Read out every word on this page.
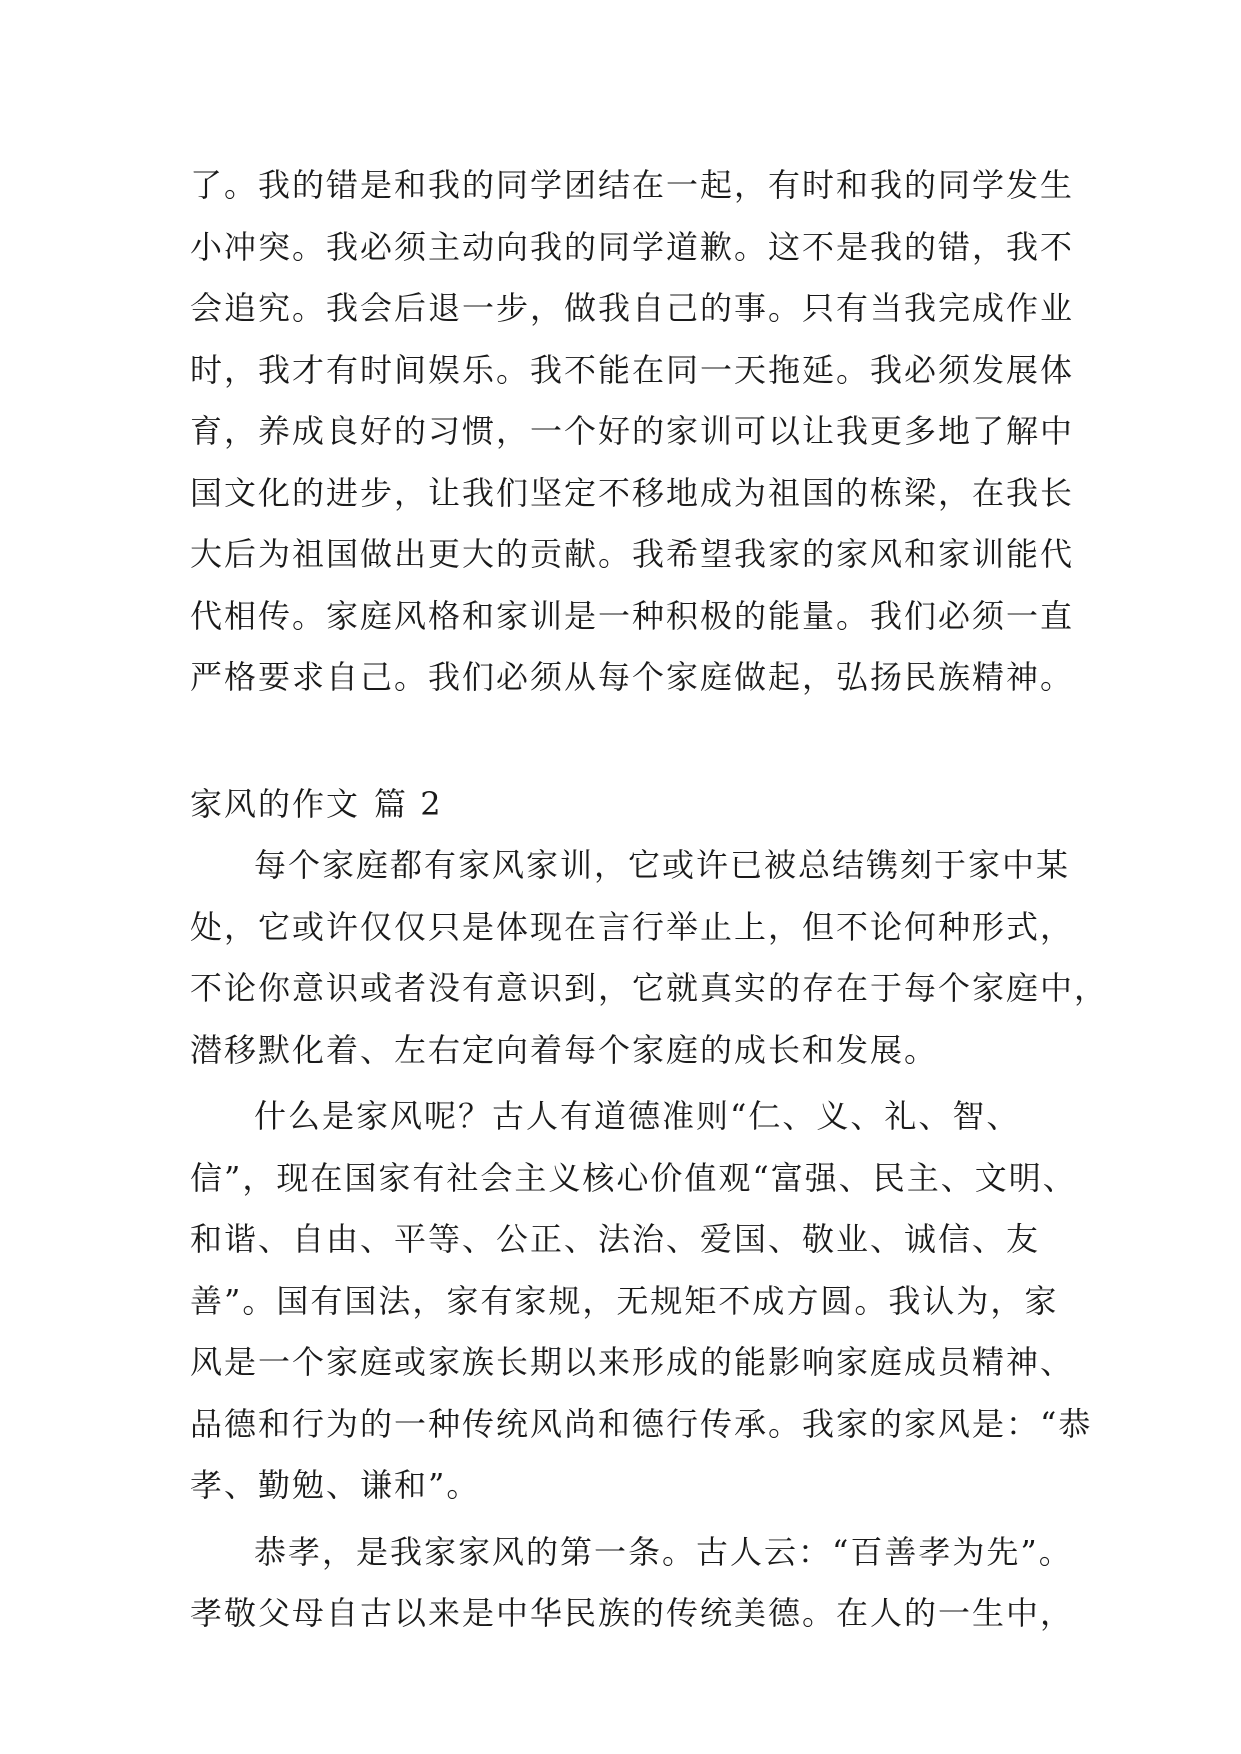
了。我的错是和我的同学团结在一起，有时和我的同学发生
小冲突。我必须主动向我的同学道歉。这不是我的错，我不
会追究。我会后退一步，做我自己的事。只有当我完成作业
时，我才有时间娱乐。我不能在同一天拖延。我必须发展体
育，养成良好的习惯，一个好的家训可以让我更多地了解中
国文化的进步，让我们坚定不移地成为祖国的栋梁，在我长
大后为祖国做出更大的贡献。我希望我家的家风和家训能代
代相传。家庭风格和家训是一种积极的能量。我们必须一直
严格要求自己。我们必须从每个家庭做起，弘扬民族精神。
家风的作文 篇 2
每个家庭都有家风家训，它或许已被总结镌刻于家中某
处，它或许仅仅只是体现在言行举止上，但不论何种形式，
不论你意识或者没有意识到，它就真实的存在于每个家庭中，
潜移默化着、左右定向着每个家庭的成长和发展。
什么是家风呢？古人有道德准则“仁、义、礼、智、
信”，现在国家有社会主义核心价值观“富强、民主、文明、
和谐、自由、平等、公正、法治、爱国、敬业、诚信、友
善”。国有国法，家有家规，无规矩不成方圆。我认为，家
风是一个家庭或家族长期以来形成的能影响家庭成员精神、
品德和行为的一种传统风尚和德行传承。我家的家风是：“恭
孝、勤勉、谦和”。
恭孝，是我家家风的第一条。古人云：“百善孝为先”。
孝敬父母自古以来是中华民族的传统美德。在人的一生中，
